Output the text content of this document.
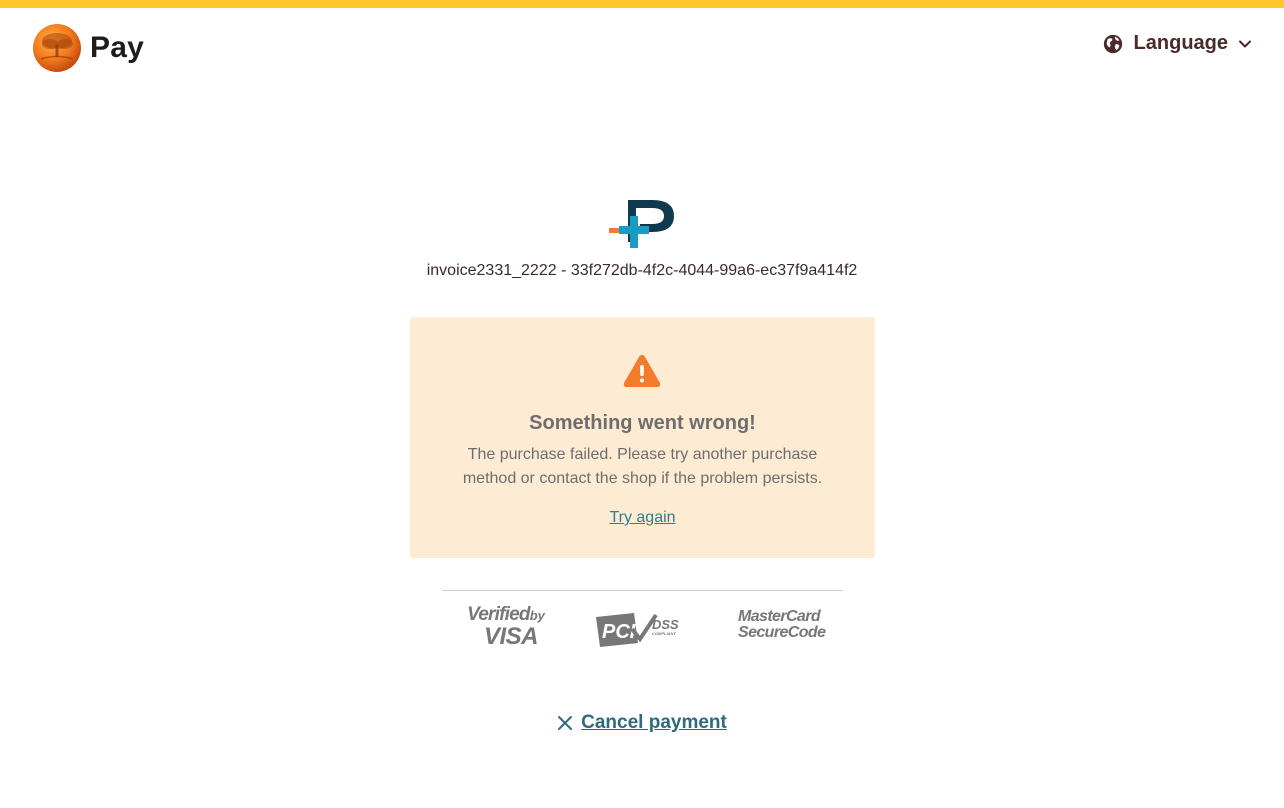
Pay	Language
invoice2331_2222 - 33f272db-4f2c-4044-99a6-ec37f9a414f2
Something went wrong!
The purchase failed. Please try another purchase method or contact the shop if the problem persists.
Try again
Verifiedby
VISA	PCI DSS
COMPLIANT
MasterCard
SecureCode
Cancel payment
